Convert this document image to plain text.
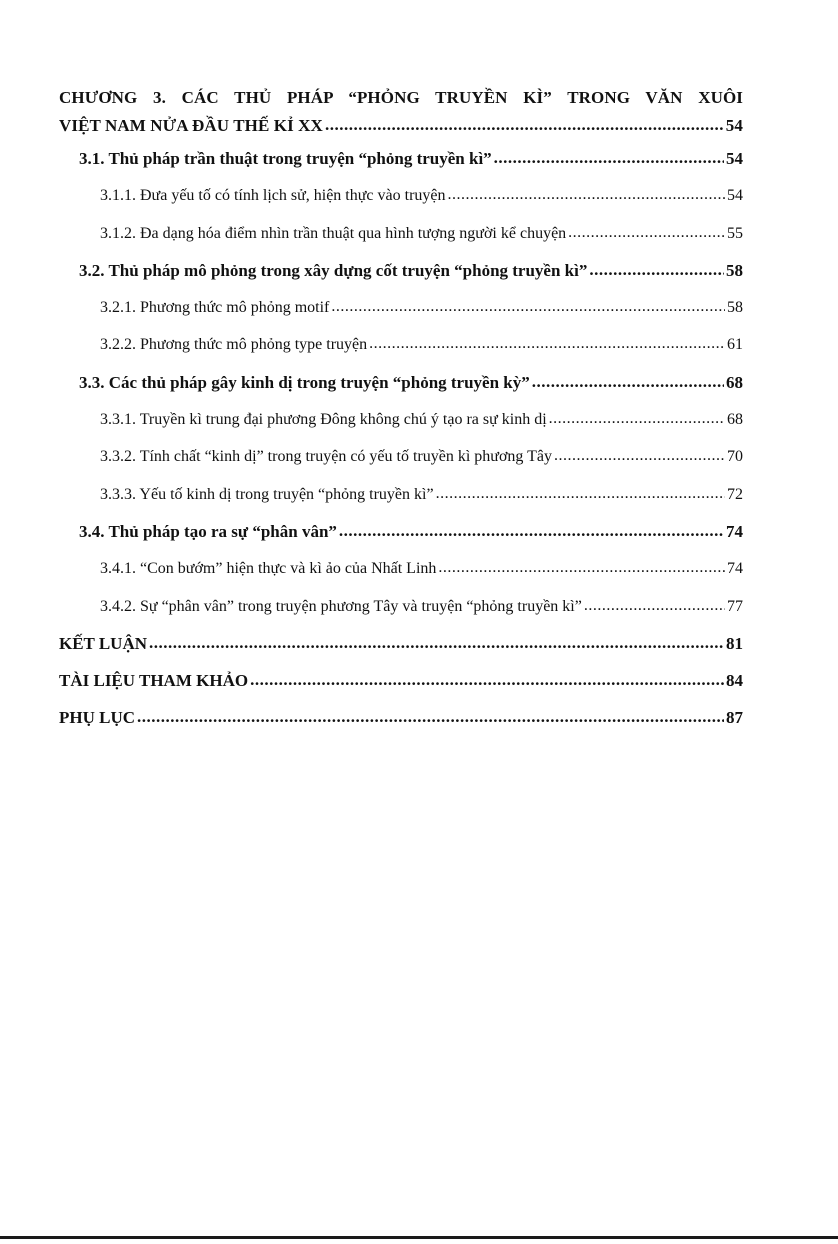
CHƯƠNG 3. CÁC THỦ PHÁP “PHỎNG TRUYỀN KÌ” TRONG VĂN XUÔI
VIỆT NAM NỬA ĐẦU THẾ KỈ XX .....	54
3.1. Thủ pháp trần thuật trong truyện “phỏng truyền kì” .....	54
3.1.1. Đưa yếu tố có tính lịch sử, hiện thực vào truyện .....	54
3.1.2. Đa dạng hóa điểm nhìn trần thuật qua hình tượng người kể chuyện .....	55
3.2. Thủ pháp mô phỏng trong xây dựng cốt truyện “phỏng truyền kì” .....	58
3.2.1. Phương thức mô phỏng motif .....	58
3.2.2. Phương thức mô phỏng type truyện .....	61
3.3. Các thủ pháp gây kinh dị trong truyện “phỏng truyền kỳ” .....	68
3.3.1. Truyền kì trung đại phương Đông không chú ý tạo ra sự kinh dị .....	68
3.3.2. Tính chất “kinh dị” trong truyện có yếu tố truyền kì phương Tây .....	70
3.3.3. Yếu tố kinh dị trong truyện “phỏng truyền kì” .....	72
3.4. Thủ pháp tạo ra sự “phân vân” .....	74
3.4.1. “Con bướm” hiện thực và kì ảo của Nhất Linh .....	74
3.4.2. Sự “phân vân” trong truyện phương Tây và truyện “phỏng truyền kì” .....	77
KẾT LUẬN .....	81
TÀI LIỆU THAM KHẢO .....	84
PHỤ LỤC .....	87
